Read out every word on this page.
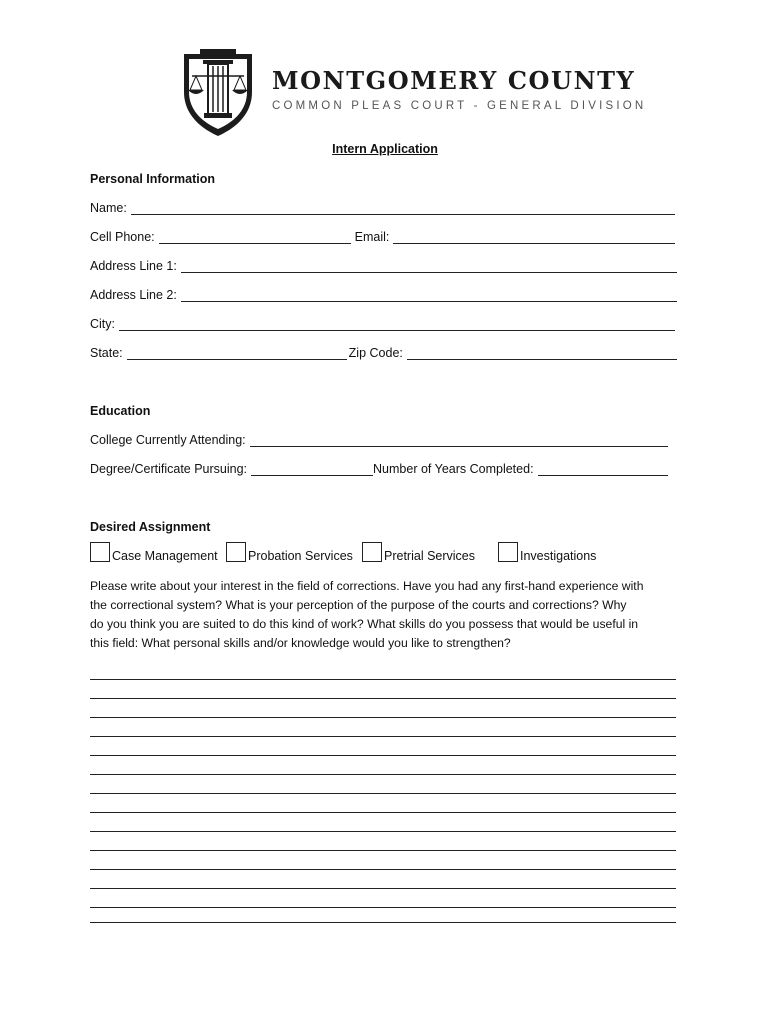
MONTGOMERY COUNTY
COMMON PLEAS COURT - GENERAL DIVISION
Intern Application
Personal Information
Name:
Cell Phone:	Email:
Address Line 1:
Address Line 2:
City:
State:	Zip Code:
Education
College Currently Attending:
Degree/Certificate Pursuing:	Number of Years Completed:
Desired Assignment
Case Management Probation Services Pretrial Services	Investigations
Please write about your interest in the field of corrections. Have you had any first-hand experience with
the correctional system? What is your perception of the purpose of the courts and corrections? Why
do you think you are suited to do this kind of work? What skills do you possess that would be useful in
this field: What personal skills and/or knowledge would you like to strengthen?
